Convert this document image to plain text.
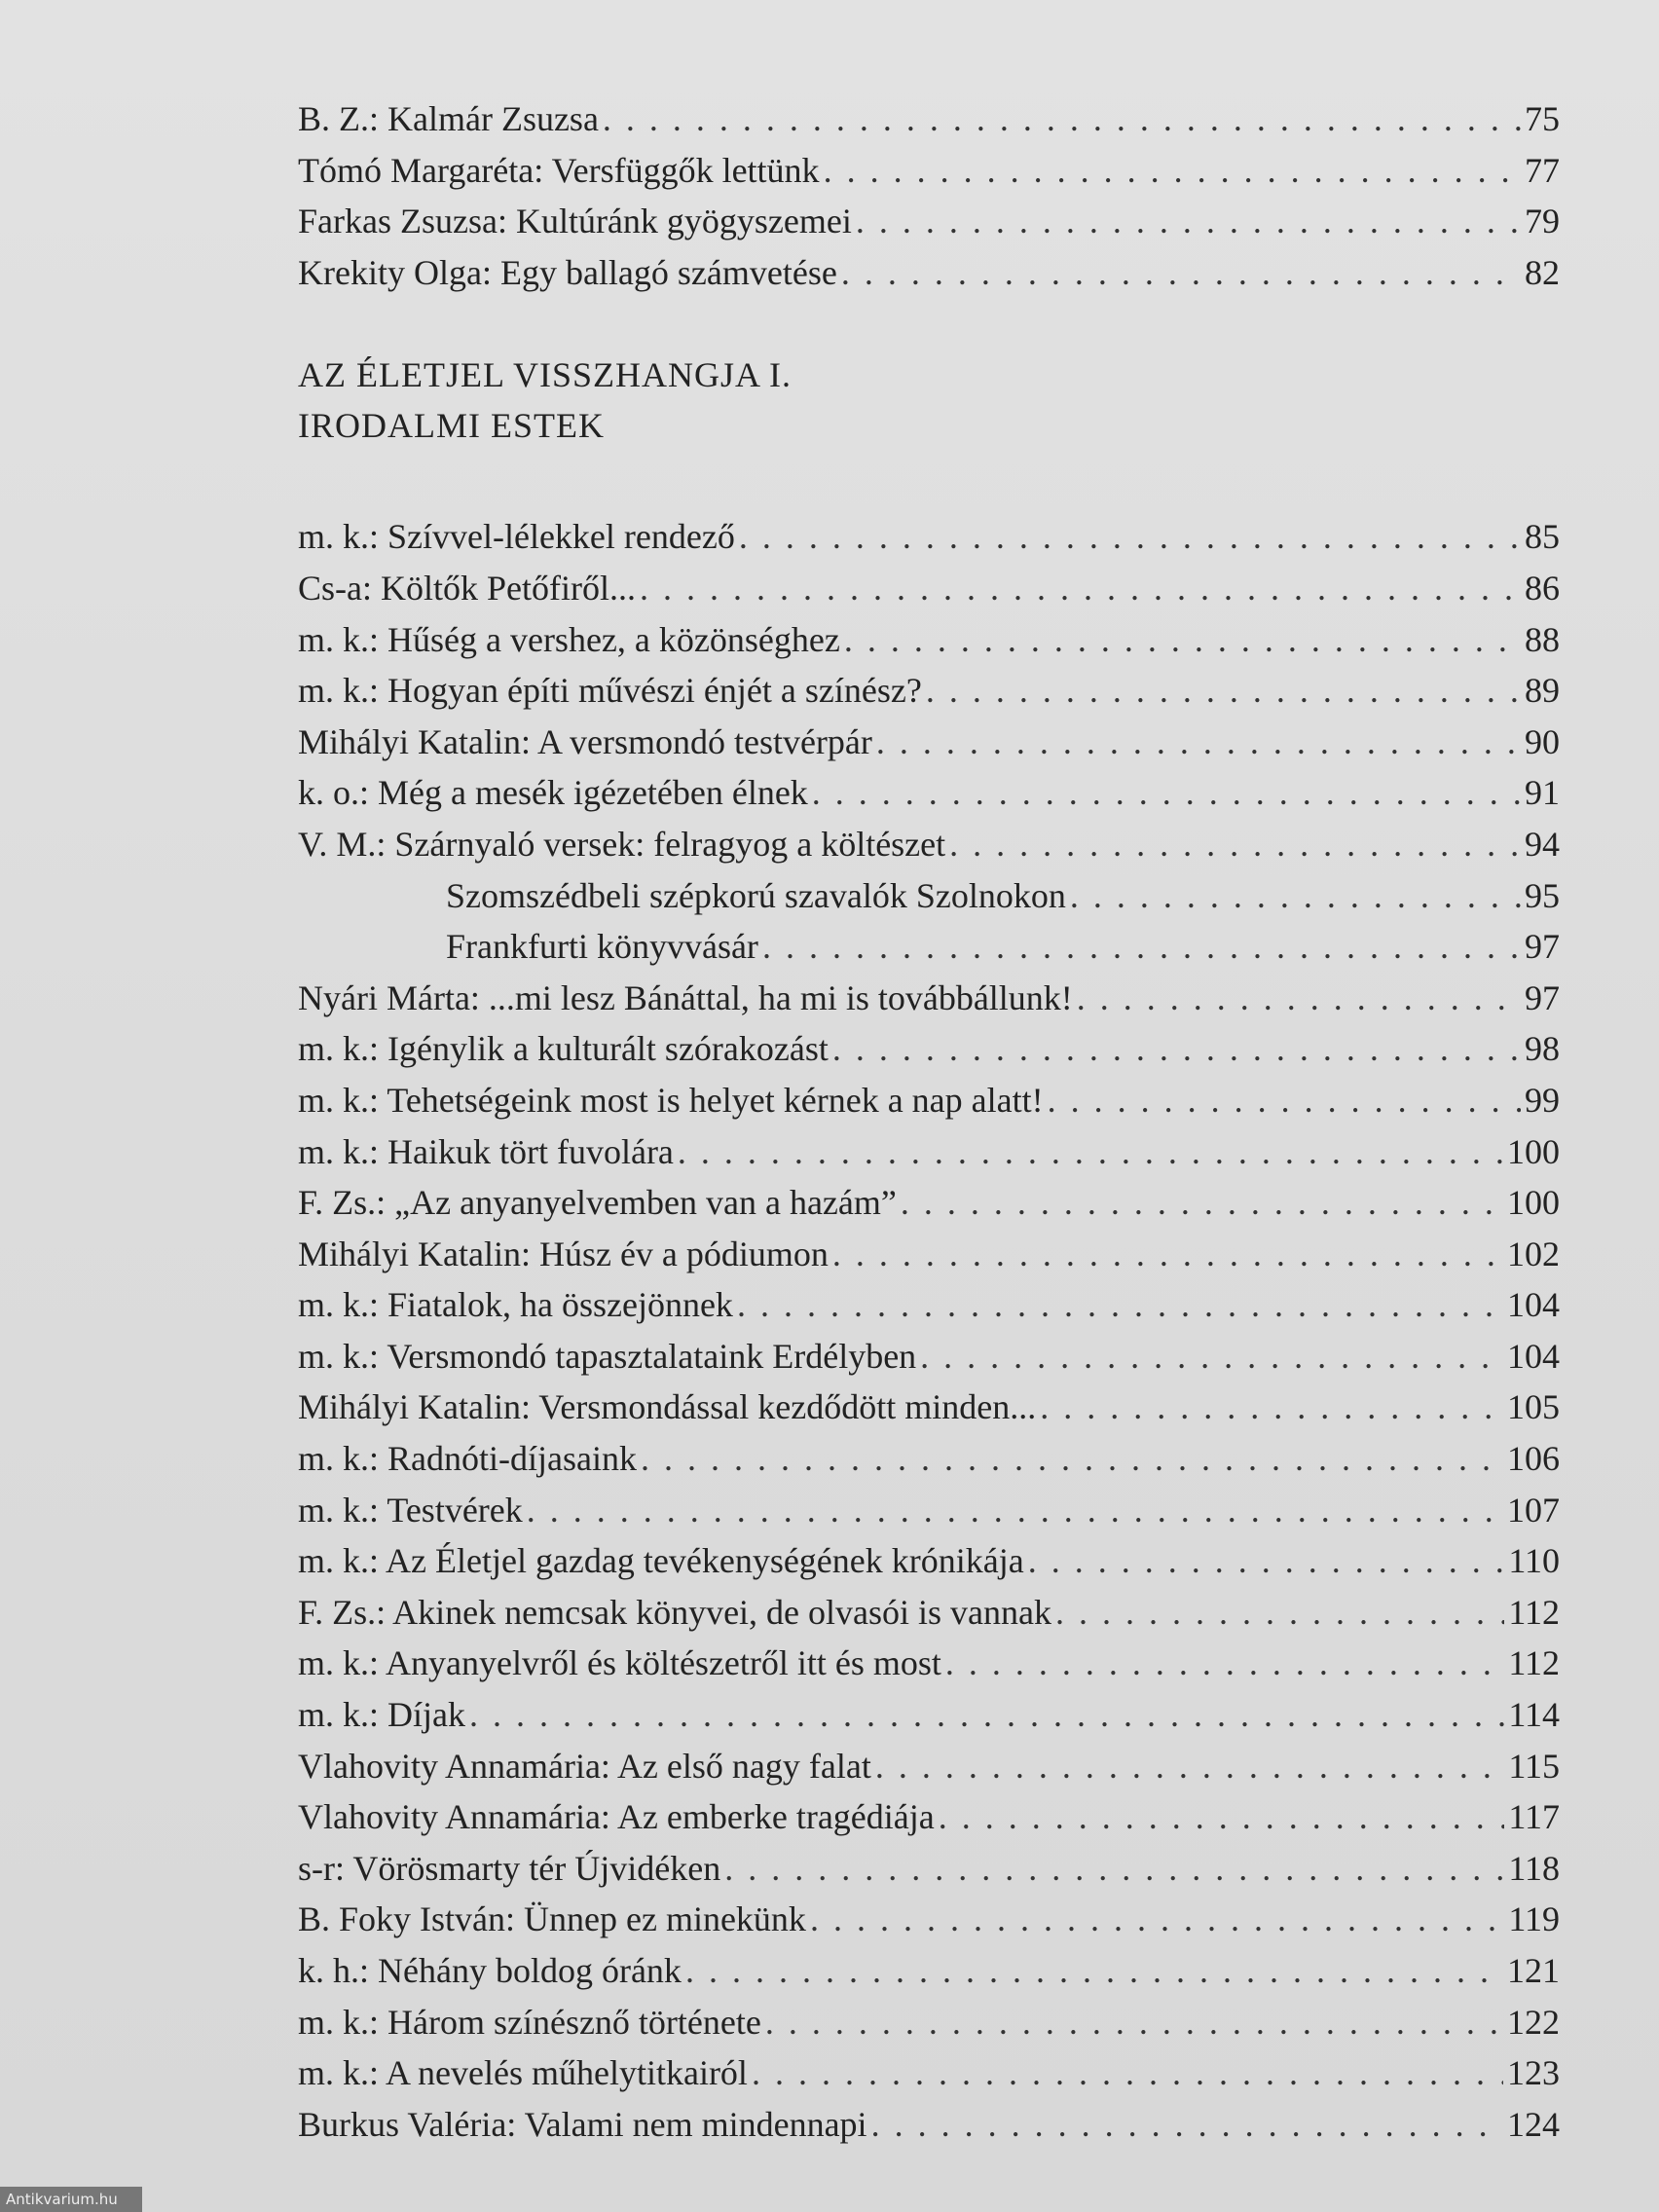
B. Z.: Kalmár Zsuzsa . . .	75
Tómó Margaréta: Versfüggők lettünk . . .	77
Farkas Zsuzsa: Kultúránk gyögyszemei . . .	79
Krekity Olga: Egy ballagó számvetése . . .	82
AZ ÉLETJEL VISSZHANGJA I.
IRODALMI ESTEK
m. k.: Szívvel-lélekkel rendező . . .	85
Cs-a: Költők Petőfiről... . . .	86
m. k.: Hűség a vershez, a közönséghez . . .	88
m. k.: Hogyan építi művészi énjét a színész? . . .	89
Mihályi Katalin: A versmondó testvérpár . . .	90
k. o.: Még a mesék igézetében élnek . . .	91
V. M.: Szárnyaló versek: felragyog a költészet . . .	94
Szomszédbeli szépkorú szavalók Szolnokon . . .	95
Frankfurti könyvvásár . . .	97
Nyári Márta: ...mi lesz Bánáttal, ha mi is továbbállunk! . . .	97
m. k.: Igénylik a kulturált szórakozást . . .	98
m. k.: Tehetségeink most is helyet kérnek a nap alatt! . . .	99
m. k.: Haikuk tört fuvolára . . .	100
F. Zs.: „Az anyanyelvemben van a hazám” . . .	100
Mihályi Katalin: Húsz év a pódiumon . . .	102
m. k.: Fiatalok, ha összejönnek . . .	104
m. k.: Versmondó tapasztalataink Erdélyben . . .	104
Mihályi Katalin: Versmondással kezdődött minden... . . .	105
m. k.: Radnóti-díjasaink . . .	106
m. k.: Testvérek . . .	107
m. k.: Az Életjel gazdag tevékenységének krónikája . . .	110
F. Zs.: Akinek nemcsak könyvei, de olvasói is vannak . . .	112
m. k.: Anyanyelvről és költészetről itt és most . . .	112
m. k.: Díjak . . .	114
Vlahovity Annamária: Az első nagy falat . . .	115
Vlahovity Annamária: Az emberke tragédiája . . .	117
s-r: Vörösmarty tér Újvidéken . . .	118
B. Foky István: Ünnep ez minekünk . . .	119
k. h.: Néhány boldog óránk . . .	121
m. k.: Három színésznő története . . .	122
m. k.: A nevelés műhelytitkairól . . .	123
Burkus Valéria: Valami nem mindennapi . . .	124
Antikvarium.hu
